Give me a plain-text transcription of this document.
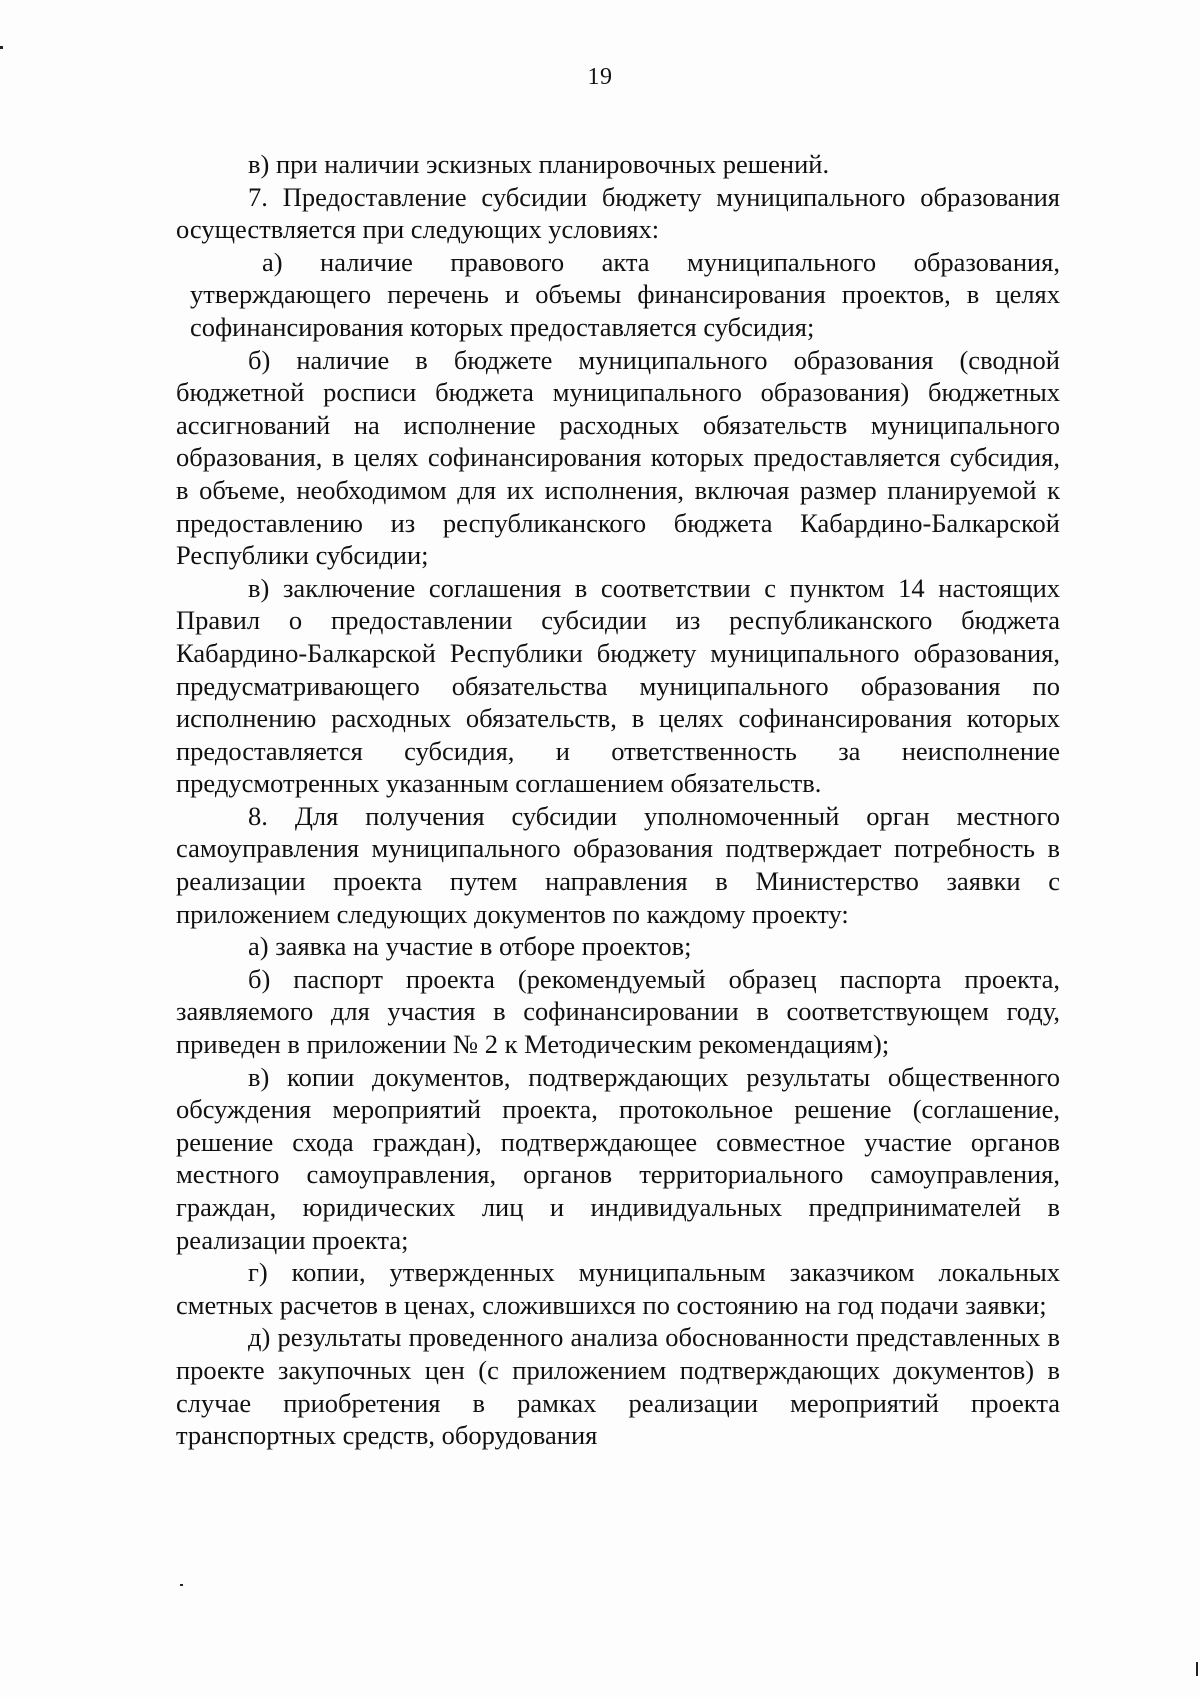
19

в) при наличии эскизных планировочных решений.

7. Предоставление субсидии бюджету муниципального образования осуществляется при следующих условиях:

а) наличие правового акта муниципального образования, утверждающего перечень и объемы финансирования проектов, в целях софинансирования которых предоставляется субсидия;

б) наличие в бюджете муниципального образования (сводной бюджетной росписи бюджета муниципального образования) бюджетных ассигнований на исполнение расходных обязательств муниципального образования, в целях софинансирования которых предоставляется субсидия, в объеме, необходимом для их исполнения, включая размер планируемой к предоставлению из республиканского бюджета Кабардино-Балкарской Республики субсидии;

в) заключение соглашения в соответствии с пунктом 14 настоящих Правил о предоставлении субсидии из республиканского бюджета Кабардино-Балкарской Республики бюджету муниципального образования, предусматривающего обязательства муниципального образования по исполнению расходных обязательств, в целях софинансирования которых предоставляется субсидия, и ответственность за неисполнение предусмотренных указанным соглашением обязательств.

8. Для получения субсидии уполномоченный орган местного самоуправления муниципального образования подтверждает потребность в реализации проекта путем направления в Министерство заявки с приложением следующих документов по каждому проекту:

а) заявка на участие в отборе проектов;

б) паспорт проекта (рекомендуемый образец паспорта проекта, заявляемого для участия в софинансировании в соответствующем году, приведен в приложении № 2 к Методическим рекомендациям);

в) копии документов, подтверждающих результаты общественного обсуждения мероприятий проекта, протокольное решение (соглашение, решение схода граждан), подтверждающее совместное участие органов местного самоуправления, органов территориального самоуправления, граждан, юридических лиц и индивидуальных предпринимателей в реализации проекта;

г) копии, утвержденных муниципальным заказчиком локальных сметных расчетов в ценах, сложившихся по состоянию на год подачи заявки;

д) результаты проведенного анализа обоснованности представленных в проекте закупочных цен (с приложением подтверждающих документов) в случае приобретения в рамках реализации мероприятий проекта транспортных средств, оборудования
